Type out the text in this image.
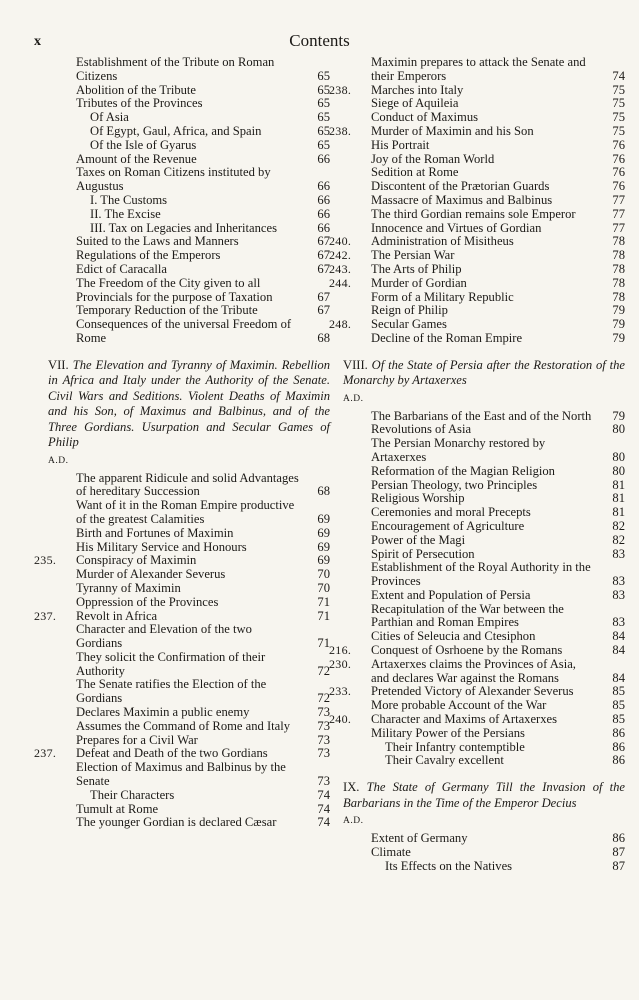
x	Contents
Establishment of the Tribute on Roman Citizens	65
Abolition of the Tribute	65
Tributes of the Provinces	65
Of Asia	65
Of Egypt, Gaul, Africa, and Spain	65
Of the Isle of Gyarus	65
Amount of the Revenue	66
Taxes on Roman Citizens instituted by Augustus	66
I. The Customs	66
II. The Excise	66
III. Tax on Legacies and Inheritances	66
Suited to the Laws and Manners	67
Regulations of the Emperors	67
Edict of Caracalla	67
The Freedom of the City given to all Provincials for the purpose of Taxation	67
Temporary Reduction of the Tribute	67
Consequences of the universal Freedom of Rome	68
VII. The Elevation and Tyranny of Maximin. Rebellion in Africa and Italy under the Authority of the Senate. Civil Wars and Seditions. Violent Deaths of Maximin and his Son, of Maximus and Balbinus, and of the Three Gordians. Usurpation and Secular Games of Philip
A.D.
The apparent Ridicule and solid Advantages of hereditary Succession	68
Want of it in the Roman Empire productive of the greatest Calamities	69
Birth and Fortunes of Maximin	69
His Military Service and Honours	69
235.	Conspiracy of Maximin	69
Murder of Alexander Severus	70
Tyranny of Maximin	70
Oppression of the Provinces	71
237.	Revolt in Africa	71
Character and Elevation of the two Gordians	71
They solicit the Confirmation of their Authority	72
The Senate ratifies the Election of the Gordians	72
Declares Maximin a public enemy	73
Assumes the Command of Rome and Italy	73
Prepares for a Civil War	73
237.	Defeat and Death of the two Gordians	73
Election of Maximus and Balbinus by the Senate	73
Their Characters	74
Tumult at Rome	74
The younger Gordian is declared Cæsar	74
Maximin prepares to attack the Senate and their Emperors	74
238.	Marches into Italy	75
Siege of Aquileia	75
Conduct of Maximus	75
238.	Murder of Maximin and his Son	75
His Portrait	76
Joy of the Roman World	76
Sedition at Rome	76
Discontent of the Prætorian Guards	76
Massacre of Maximus and Balbinus	77
The third Gordian remains sole Emperor	77
Innocence and Virtues of Gordian	77
240.	Administration of Misitheus	78
242.	The Persian War	78
243.	The Arts of Philip	78
244.	Murder of Gordian	78
Form of a Military Republic	78
Reign of Philip	79
248.	Secular Games	79
Decline of the Roman Empire	79
VIII. Of the State of Persia after the Restoration of the Monarchy by Artaxerxes
A.D.
The Barbarians of the East and of the North	79
Revolutions of Asia	80
The Persian Monarchy restored by Artaxerxes	80
Reformation of the Magian Religion	80
Persian Theology, two Principles	81
Religious Worship	81
Ceremonies and moral Precepts	81
Encouragement of Agriculture	82
Power of the Magi	82
Spirit of Persecution	83
Establishment of the Royal Authority in the Provinces	83
Extent and Population of Persia	83
Recapitulation of the War between the Parthian and Roman Empires	83
Cities of Seleucia and Ctesiphon	84
216.	Conquest of Osrhoene by the Romans	84
230.	Artaxerxes claims the Provinces of Asia, and declares War against the Romans	84
233.	Pretended Victory of Alexander Severus	85
More probable Account of the War	85
240.	Character and Maxims of Artaxerxes	85
Military Power of the Persians	86
Their Infantry contemptible	86
Their Cavalry excellent	86
IX. The State of Germany Till the Invasion of the Barbarians in the Time of the Emperor Decius
A.D.
Extent of Germany	86
Climate	87
Its Effects on the Natives	87
